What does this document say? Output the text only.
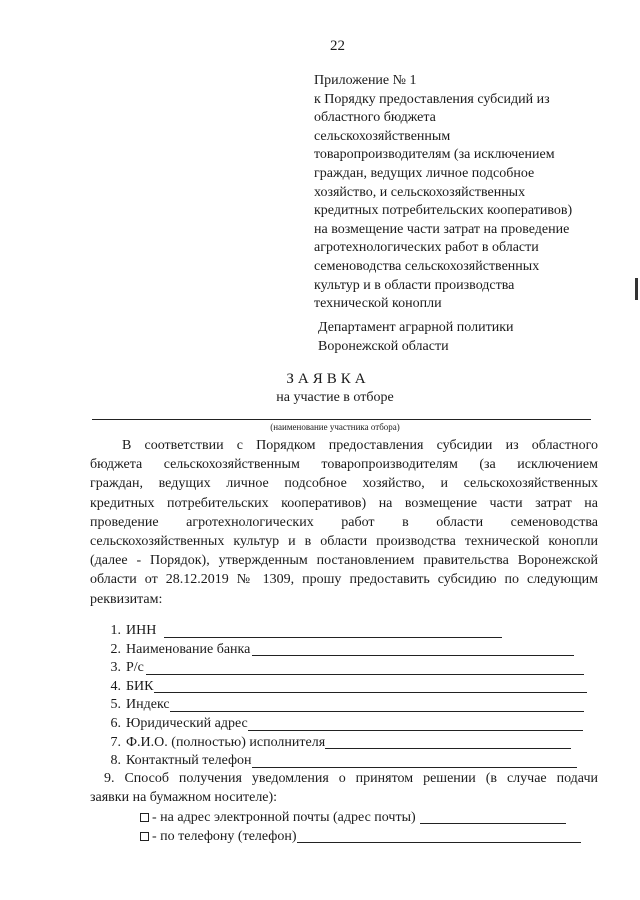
22
Приложение № 1
к Порядку предоставления субсидий из
областного бюджета
сельскохозяйственным
товаропроизводителям (за исключением
граждан, ведущих личное подсобное
хозяйство, и сельскохозяйственных
кредитных потребительских кооперативов)
на возмещение части затрат на проведение
агротехнологических работ в области
семеноводства сельскохозяйственных
культур и в области производства
технической конопли
Департамент аграрной политики
Воронежской области
ЗАЯВКА
на участие в отборе
(наименование участника отбора)
В соответствии с Порядком предоставления субсидии из областного
бюджета сельскохозяйственным товаропроизводителям (за исключением
граждан, ведущих личное подсобное хозяйство, и сельскохозяйственных
кредитных потребительских кооперативов) на возмещение части затрат на
проведение агротехнологических работ в области семеноводства
сельскохозяйственных культур и в области производства технической конопли
(далее - Порядок), утвержденным постановлением правительства Воронежской
области от 28.12.2019 № 1309, прошу предоставить субсидию по следующим
реквизитам:
1. ИНН
2. Наименование банка
3. Р/с
4. БИК
5. Индекс
6. Юридический адрес
7. Ф.И.О. (полностью) исполнителя
8. Контактный телефон
9. Способ получения уведомления о принятом решении (в случае подачи
заявки на бумажном носителе):
- на адрес электронной почты (адрес почты)
- по телефону (телефон)
